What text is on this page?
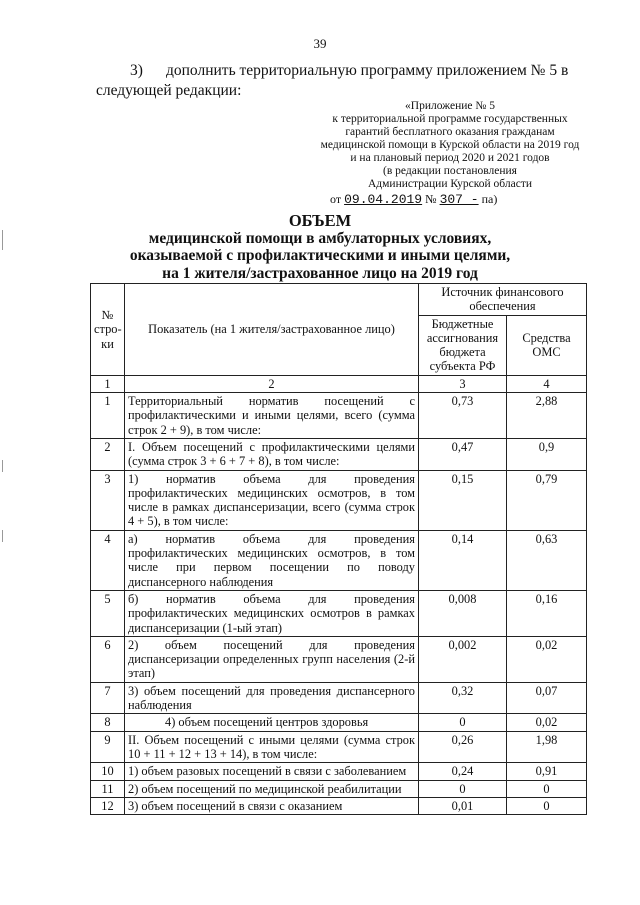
39
3) дополнить территориальную программу приложением № 5 в
следующей редакции:
«Приложение № 5
к территориальной программе государственных
гарантий бесплатного оказания гражданам
медицинской помощи в Курской области на 2019 год
и на плановый период 2020 и 2021 годов
(в редакции постановления
Администрации Курской области
от 09.04.2019 № 307 - па)
ОБЪЕМ
медицинской помощи в амбулаторных условиях,
оказываемой с профилактическими и иными целями,
на 1 жителя/застрахованное лицо на 2019 год
№ стро-ки	Показатель (на 1 жителя/застрахованное лицо)	Источник финансового обеспечения	
		Бюджетные ассигнования бюджета субъекта РФ	Средства ОМС
1	2	3	4
1	Территориальный норматив посещений с профилактическими и иными целями, всего (сумма строк 2 + 9), в том числе:	0,73	2,88
2	I. Объем посещений с профилактическими целями (сумма строк 3 + 6 + 7 + 8), в том числе:	0,47	0,9
3	1) норматив объема для проведения профилактических медицинских осмотров, в том числе в рамках диспансеризации, всего (сумма строк 4 + 5), в том числе:	0,15	0,79
4	а) норматив объема для проведения профилактических медицинских осмотров, в том числе при первом посещении по поводу диспансерного наблюдения	0,14	0,63
5	б) норматив объема для проведения профилактических медицинских осмотров в рамках диспансеризации (1-ый этап)	0,008	0,16
6	2) объем посещений для проведения диспансеризации определенных групп населения (2-й этап)	0,002	0,02
7	3) объем посещений для проведения диспансерного наблюдения	0,32	0,07
8	4) объем посещений центров здоровья	0	0,02
9	II. Объем посещений с иными целями (сумма строк 10 + 11 + 12 + 13 + 14), в том числе:	0,26	1,98
10	1) объем разовых посещений в связи с заболеванием	0,24	0,91
11	2) объем посещений по медицинской реабилитации	0	0
12	3) объем посещений в связи с оказанием	0,01	0
